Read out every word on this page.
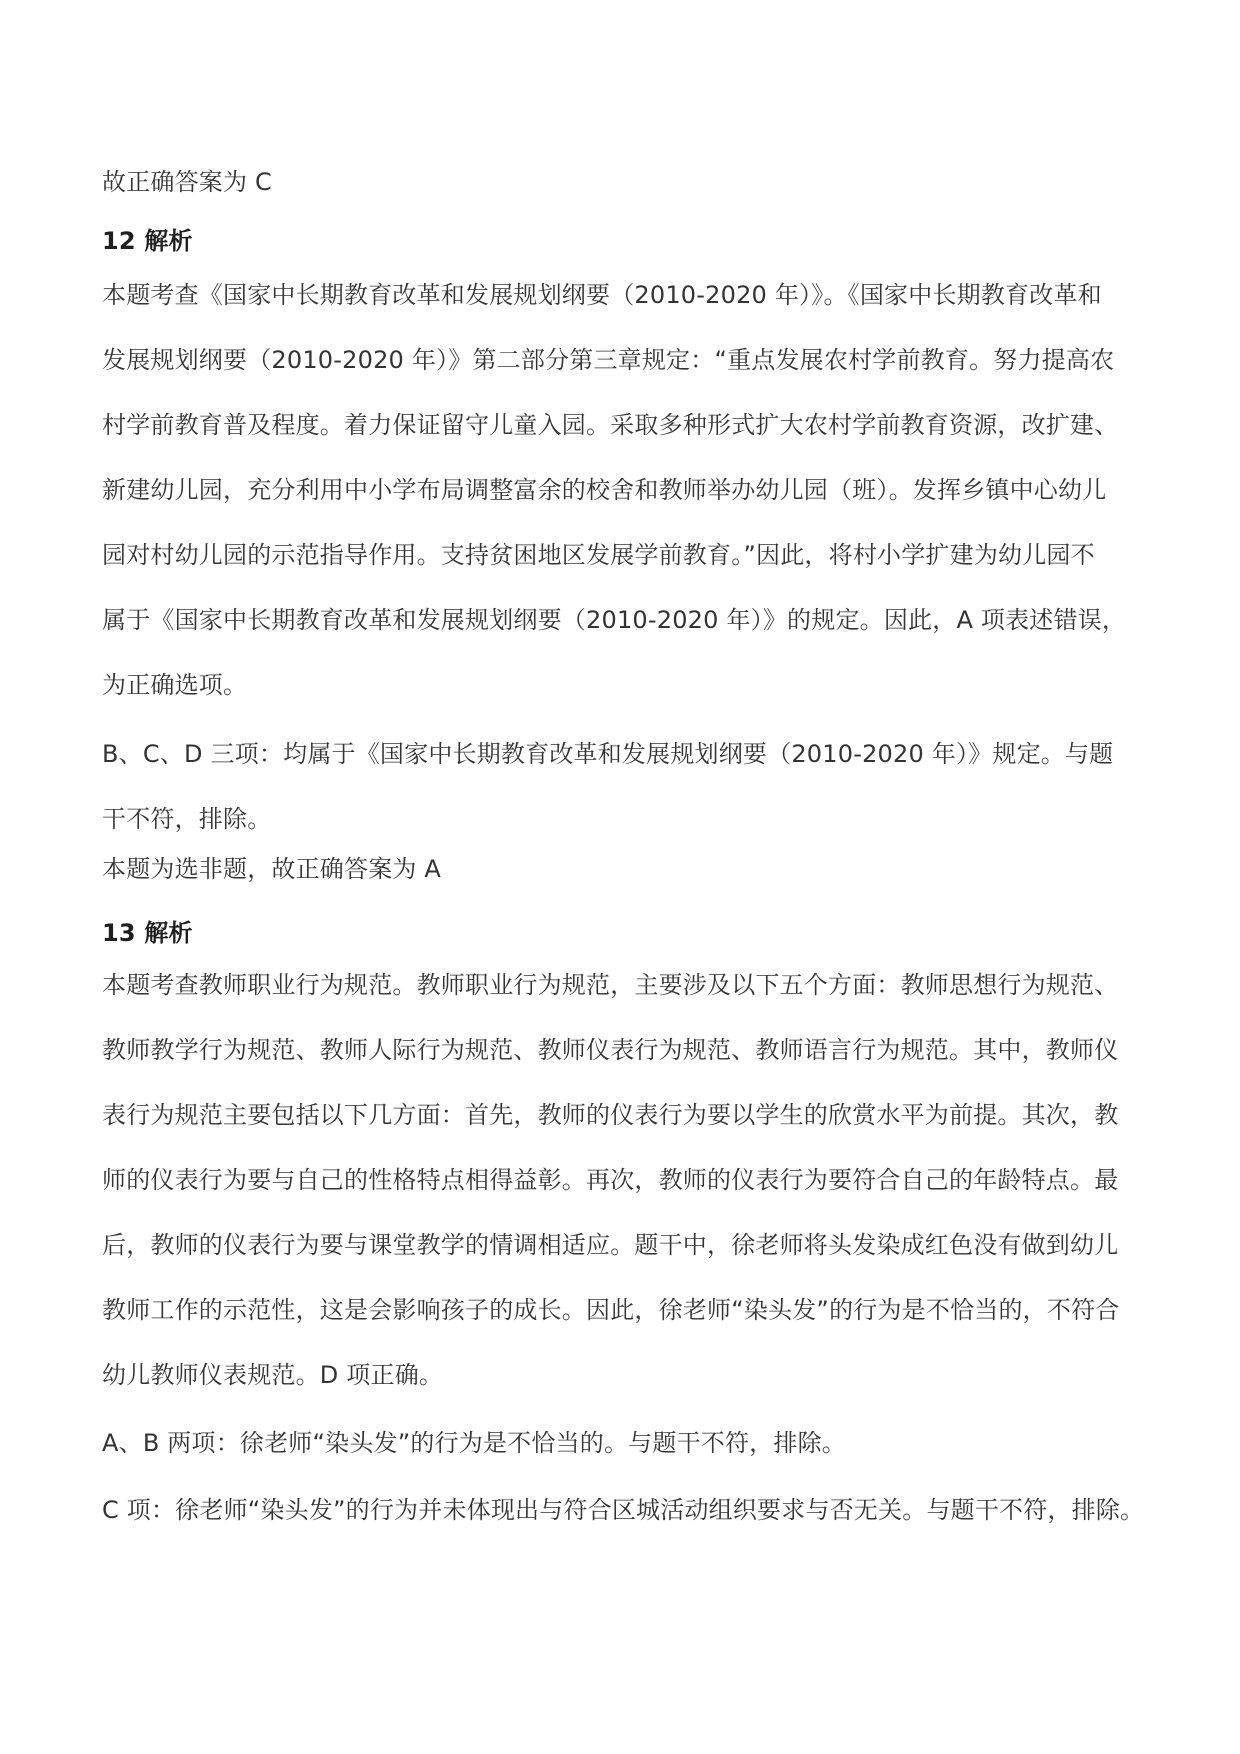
故正确答案为 C
12 解析
本题考查《国家中长期教育改革和发展规划纲要（2010-2020 年）》。《国家中长期教育改革和
发展规划纲要（2010-2020 年）》第二部分第三章规定：“重点发展农村学前教育。努力提高农
村学前教育普及程度。着力保证留守儿童入园。采取多种形式扩大农村学前教育资源，改扩建、
新建幼儿园，充分利用中小学布局调整富余的校舍和教师举办幼儿园（班）。发挥乡镇中心幼儿
园对村幼儿园的示范指导作用。支持贫困地区发展学前教育。”因此，将村小学扩建为幼儿园不
属于《国家中长期教育改革和发展规划纲要（2010-2020 年）》的规定。因此，A 项表述错误，
为正确选项。
B、C、D 三项：均属于《国家中长期教育改革和发展规划纲要（2010-2020 年）》规定。与题
干不符，排除。
本题为选非题，故正确答案为 A
13 解析
本题考查教师职业行为规范。教师职业行为规范，主要涉及以下五个方面：教师思想行为规范、
教师教学行为规范、教师人际行为规范、教师仪表行为规范、教师语言行为规范。其中，教师仪
表行为规范主要包括以下几方面：首先，教师的仪表行为要以学生的欣赏水平为前提。其次，教
师的仪表行为要与自己的性格特点相得益彰。再次，教师的仪表行为要符合自己的年龄特点。最
后，教师的仪表行为要与课堂教学的情调相适应。题干中，徐老师将头发染成红色没有做到幼儿
教师工作的示范性，这是会影响孩子的成长。因此，徐老师“染头发”的行为是不恰当的，不符合
幼儿教师仪表规范。D 项正确。
A、B 两项：徐老师“染头发”的行为是不恰当的。与题干不符，排除。
C 项：徐老师“染头发”的行为并未体现出与符合区城活动组织要求与否无关。与题干不符，排除。
